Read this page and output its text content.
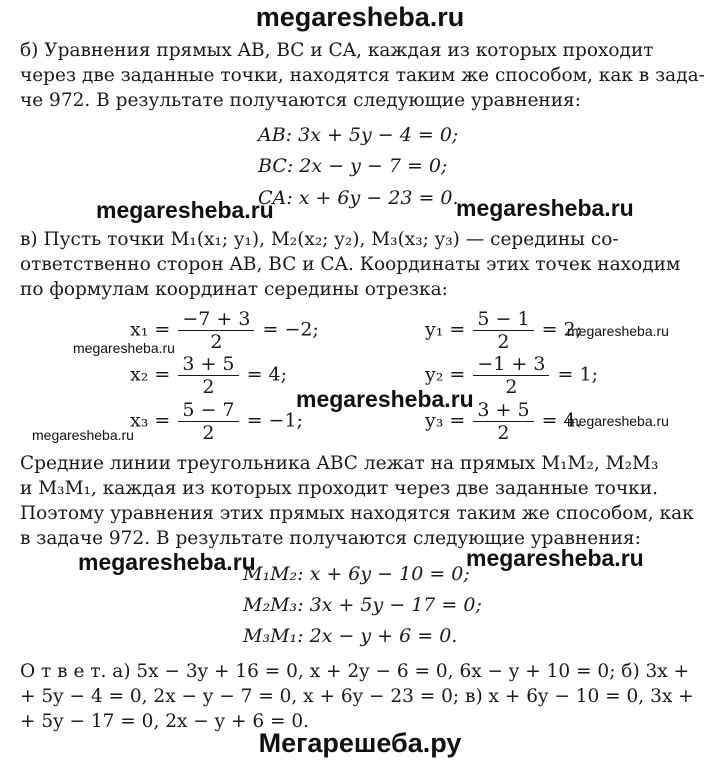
megaresheba.ru
б) Уравнения прямых AB, BC и CA, каждая из которых проходит
через две заданные точки, находятся таким же способом, как в зада-
че 972. В результате получаются следующие уравнения:
AB: 3x + 5y − 4 = 0;
BC: 2x − y − 7 = 0;
CA: x + 6y − 23 = 0.
megaresheba.ru	megaresheba.ru
в) Пусть точки M₁(x₁; y₁), M₂(x₂; y₂), M₃(x₃; y₃) — середины со-
ответственно сторон AB, BC и CA. Координаты этих точек находим
по формулам координат середины отрезка:
$x_1 = \frac{-7 + 3}{2} = -2$;	$y_1 = \frac{5 - 1}{2} = 2$;
megaresheba.ru
megaresheba.ru
$x_2 = \frac{3 + 5}{2} = 4$;	$y_2 = \frac{-1 + 3}{2} = 1$;
megaresheba.ru
$x_3 = \frac{5 - 7}{2} = -1$;	$y_3 = \frac{3 + 5}{2} = 4$.
megaresheba.ru
megaresheba.ru
Средние линии треугольника ABC лежат на прямых M₁M₂, M₂M₃
и M₃M₁, каждая из которых проходит через две заданные точки.
Поэтому уравнения этих прямых находятся таким же способом, как
в задаче 972. В результате получаются следующие уравнения:
megaresheba.ru	megaresheba.ru
M₁M₂: x + 6y − 10 = 0;
M₂M₃: 3x + 5y − 17 = 0;
M₃M₁: 2x − y + 6 = 0.
О т в е т. а) 5x − 3y + 16 = 0, x + 2y − 6 = 0, 6x − y + 10 = 0; б) 3x +
+ 5y − 4 = 0, 2x − y − 7 = 0, x + 6y − 23 = 0; в) x + 6y − 10 = 0, 3x +
+ 5y − 17 = 0, 2x − y + 6 = 0.
Мегарешеба.ру
